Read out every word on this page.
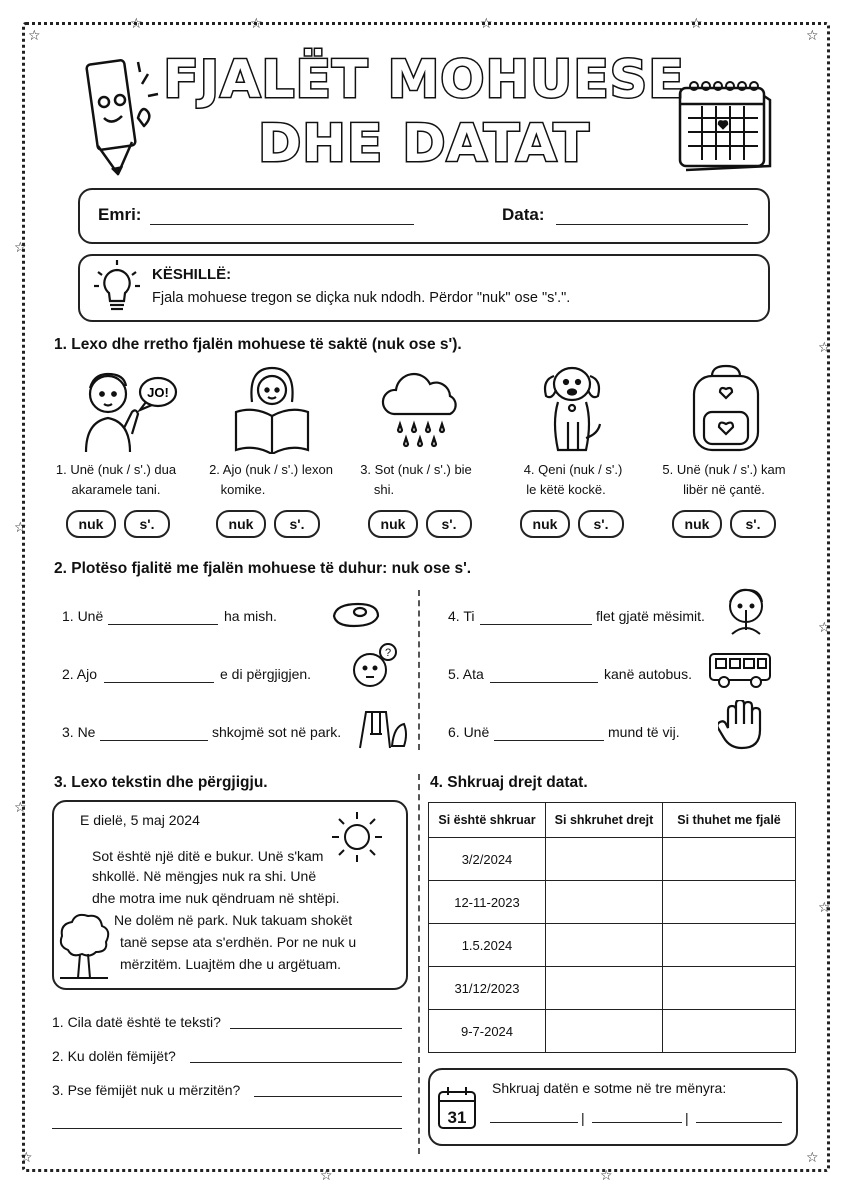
☆	☆
☆	☆
☆	☆	☆	☆
☆
☆
☆
☆
☆
☆
☆	☆
FJALËT MOHUESE
DHE DATAT
Emri:	Data:
KËSHILLË:
Fjala mohuese tregon se diçka nuk ndodh. Përdor "nuk" ose "s'.".
1. Lexo dhe rretho fjalën mohuese të saktë (nuk ose s').
JO!
1. Unë (nuk / s'.) dua
akaramele tani.
2. Ajo (nuk / s'.) lexon
komike.
3. Sot (nuk / s'.) bie
shi.
4. Qeni (nuk / s'.)
le këtë kockë.
5. Unë (nuk / s'.) kam
libër në çantë.
nuk	s'.	nuk	s'.	nuk	s'.	nuk	s'.	nuk	s'.
2. Plotëso fjalitë me fjalën mohuese të duhur: nuk ose s'.
1. Unë	ha mish.
2. Ajo	e di përgjigjen.
?
3. Ne	shkojmë sot në park.
4. Ti	flet gjatë mësimit.
5. Ata	kanë autobus.
6. Unë	mund të vij.
3. Lexo tekstin dhe përgjigju.
E dielë, 5 maj 2024
Sot është një ditë e bukur. Unë s'kam
shkollë. Në mëngjes nuk ra shi. Unë
dhe motra ime nuk qëndruam në shtëpi.
Ne dolëm në park. Nuk takuam shokët
tanë sepse ata s'erdhën. Por ne nuk u
mërzitëm. Luajtëm dhe u argëtuam.
1. Cila datë është te teksti?
2. Ku dolën fëmijët?
3. Pse fëmijët nuk u mërzitën?
4. Shkruaj drejt datat.
Si është shkruar	Si shkruhet drejt	Si thuhet me fjalë
3/2/2024		
12-11-2023		
1.5.2024		
31/12/2023		
9-7-2024		
31
Shkruaj datën e sotme në tre mënyra:
|	|
